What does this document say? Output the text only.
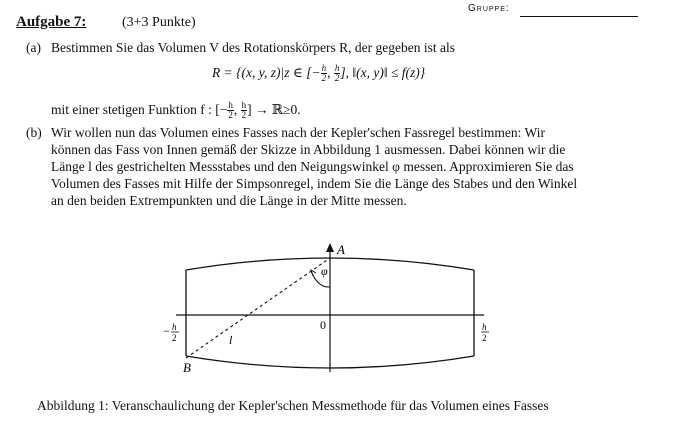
Gruppe:
Aufgabe 7:	(3+3 Punkte)
(a) Bestimmen Sie das Volumen V des Rotationskörpers R, der gegeben ist als
R = {(x, y, z)|z ∈ [− $\frac{h}{2}$ , $\frac{h}{2}$ ], ‖(x, y)‖ ≤ f(z)}
mit einer stetigen Funktion f : [− $\frac{h}{2}$ , $\frac{h}{2}$ ] → ℝ≥0.
(b) Wir wollen nun das Volumen eines Fasses nach der Kepler'schen Fassregel bestimmen: Wir
können das Fass von Innen gemäß der Skizze in Abbildung 1 ausmessen. Dabei können wir die
Länge l des gestrichelten Messstabes und den Neigungswinkel φ messen. Approximieren Sie das
Volumen des Fasses mit Hilfe der Simpsonregel, indem Sie die Länge des Stabes und den Winkel
an den beiden Extrempunkten und die Länge in der Mitte messen.
A
B
0
l
φ
− h
2
h
2
Abbildung 1: Veranschaulichung der Kepler'schen Messmethode für das Volumen eines Fasses
